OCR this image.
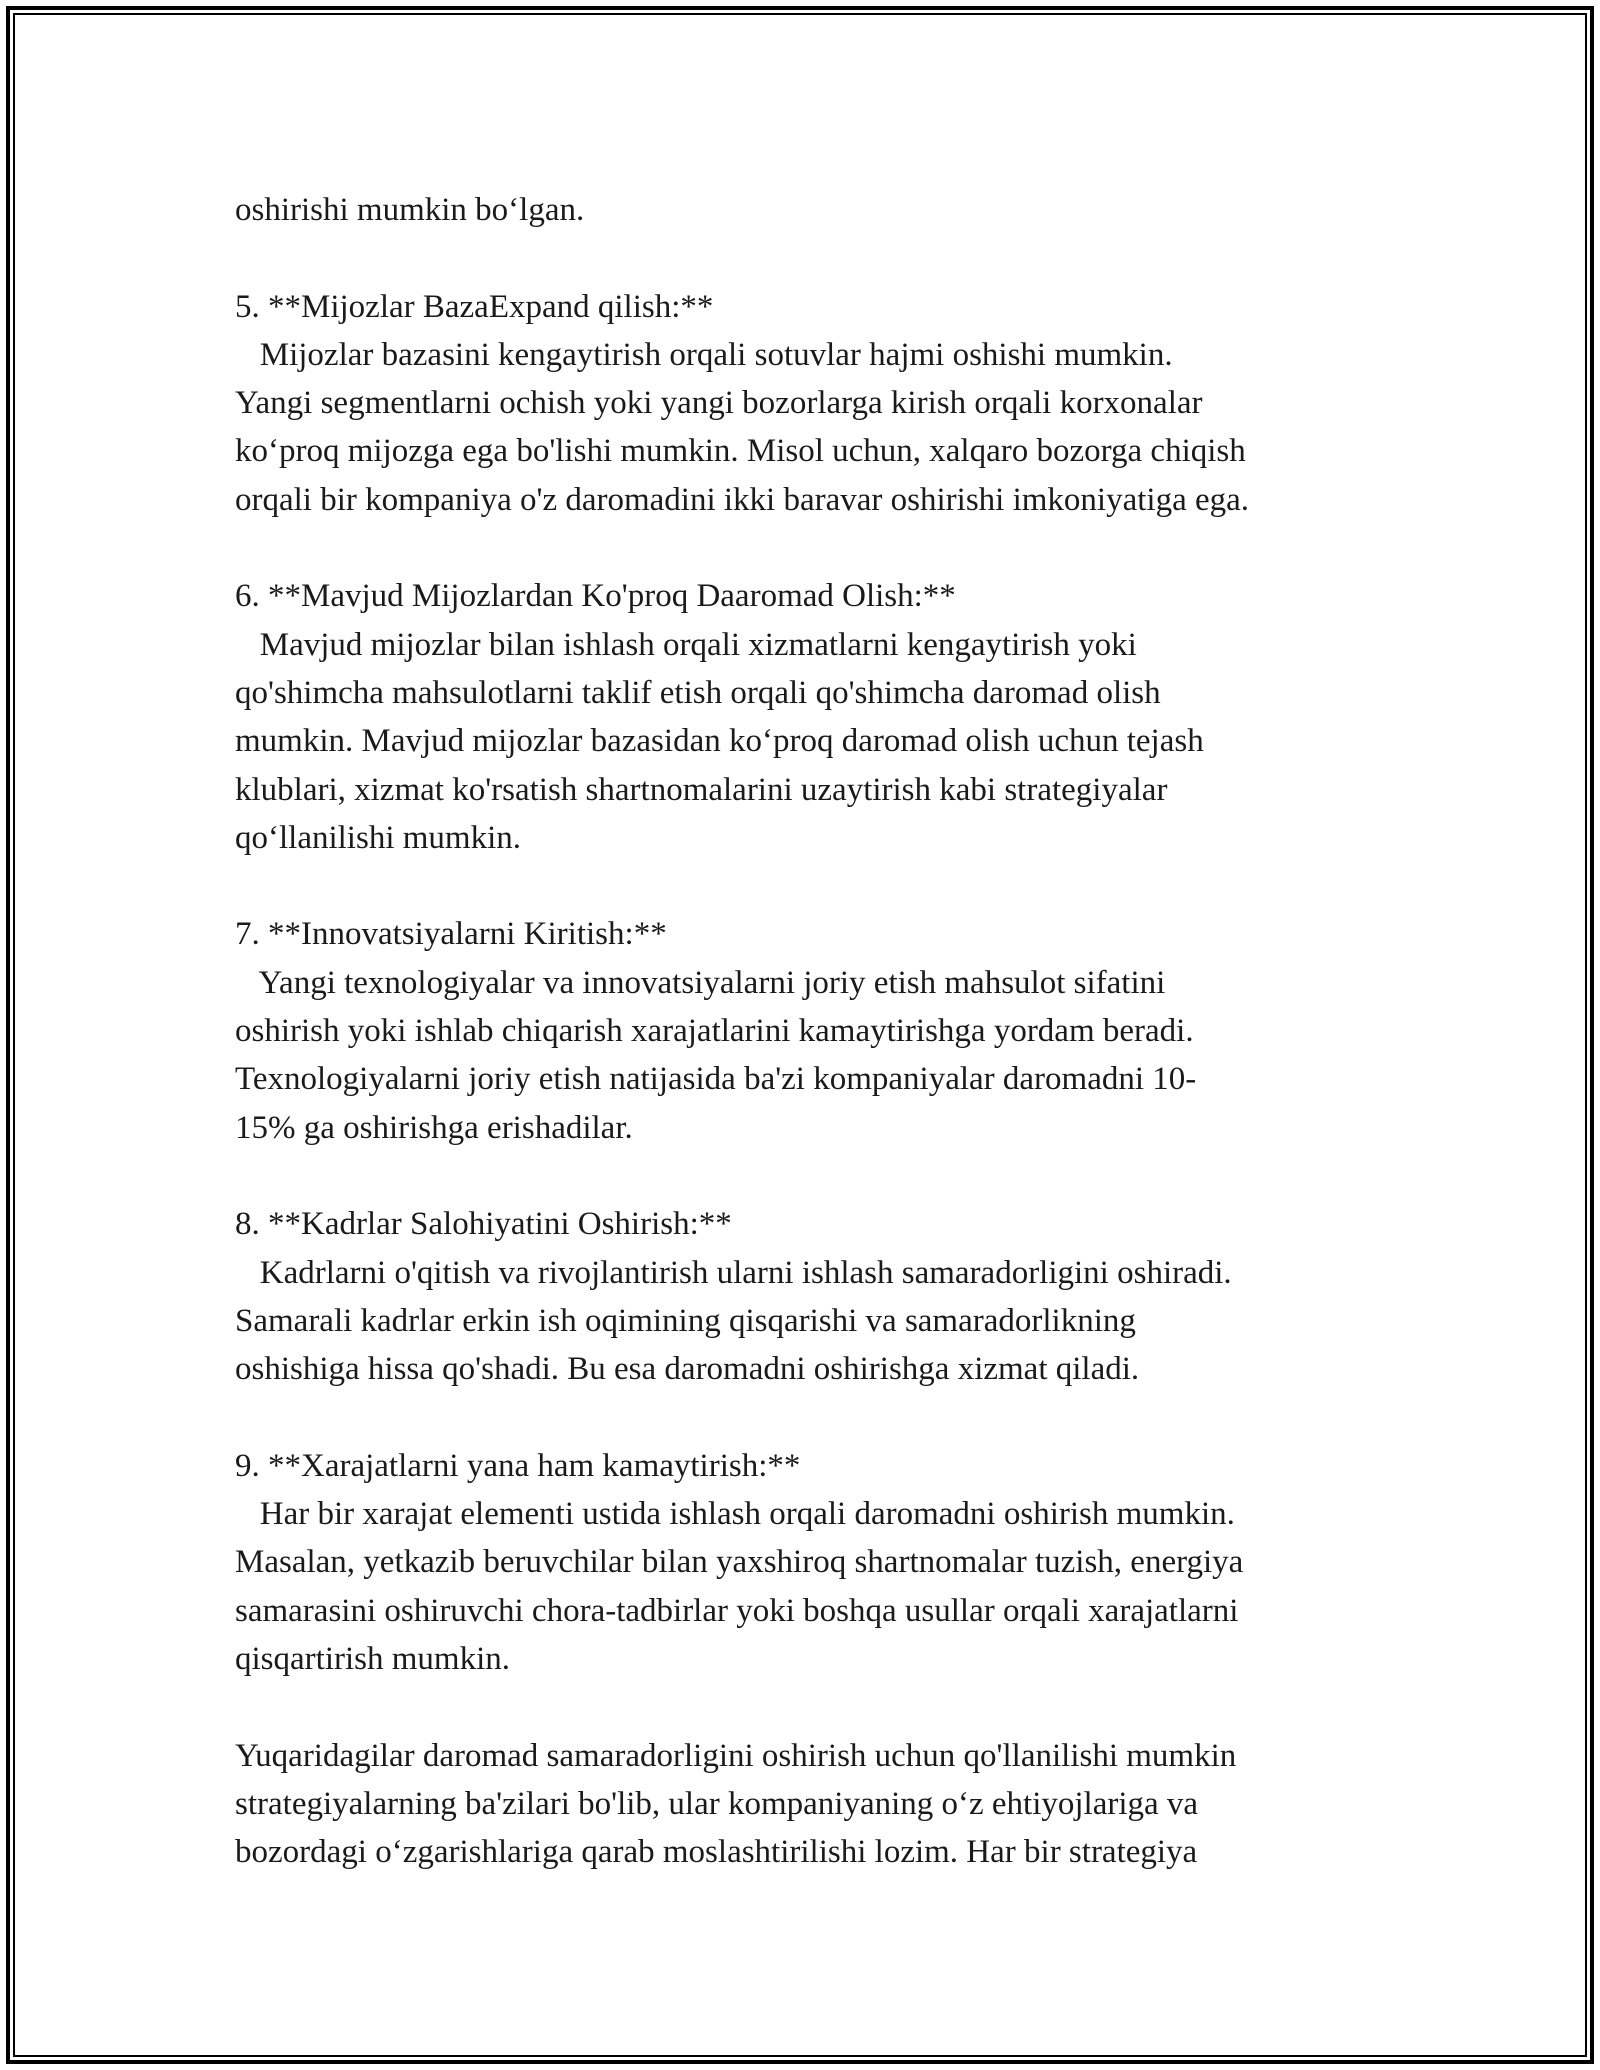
oshirishi mumkin bo‘lgan.
5. **Mijozlar BazaExpand qilish:**
Mijozlar bazasini kengaytirish orqali sotuvlar hajmi oshishi mumkin.
Yangi segmentlarni ochish yoki yangi bozorlarga kirish orqali korxonalar
ko‘proq mijozga ega bo'lishi mumkin. Misol uchun, xalqaro bozorga chiqish
orqali bir kompaniya o'z daromadini ikki baravar oshirishi imkoniyatiga ega.
6. **Mavjud Mijozlardan Ko'proq Daaromad Olish:**
Mavjud mijozlar bilan ishlash orqali xizmatlarni kengaytirish yoki
qo'shimcha mahsulotlarni taklif etish orqali qo'shimcha daromad olish
mumkin. Mavjud mijozlar bazasidan ko‘proq daromad olish uchun tejash
klublari, xizmat ko'rsatish shartnomalarini uzaytirish kabi strategiyalar
qo‘llanilishi mumkin.
7. **Innovatsiyalarni Kiritish:**
Yangi texnologiyalar va innovatsiyalarni joriy etish mahsulot sifatini
oshirish yoki ishlab chiqarish xarajatlarini kamaytirishga yordam beradi.
Texnologiyalarni joriy etish natijasida ba'zi kompaniyalar daromadni 10-
15% ga oshirishga erishadilar.
8. **Kadrlar Salohiyatini Oshirish:**
Kadrlarni o'qitish va rivojlantirish ularni ishlash samaradorligini oshiradi.
Samarali kadrlar erkin ish oqimining qisqarishi va samaradorlikning
oshishiga hissa qo'shadi. Bu esa daromadni oshirishga xizmat qiladi.
9. **Xarajatlarni yana ham kamaytirish:**
Har bir xarajat elementi ustida ishlash orqali daromadni oshirish mumkin.
Masalan, yetkazib beruvchilar bilan yaxshiroq shartnomalar tuzish, energiya
samarasini oshiruvchi chora-tadbirlar yoki boshqa usullar orqali xarajatlarni
qisqartirish mumkin.
Yuqaridagilar daromad samaradorligini oshirish uchun qo'llanilishi mumkin
strategiyalarning ba'zilari bo'lib, ular kompaniyaning o‘z ehtiyojlariga va
bozordagi o‘zgarishlariga qarab moslashtirilishi lozim. Har bir strategiya
